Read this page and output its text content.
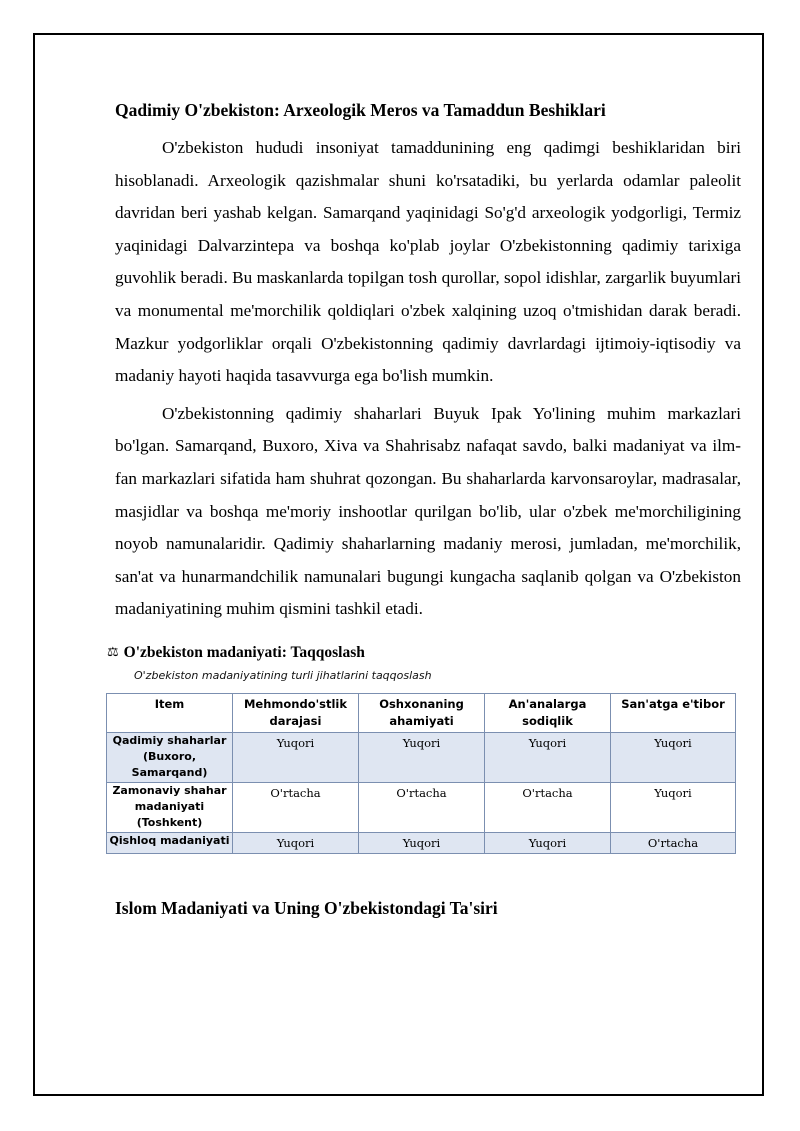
Qadimiy O'zbekiston: Arxeologik Meros va Tamaddun Beshiklari

O'zbekiston hududi insoniyat tamaddunining eng qadimgi beshiklaridan biri hisoblanadi. Arxeologik qazishmalar shuni ko'rsatadiki, bu yerlarda odamlar paleolit davridan beri yashab kelgan. Samarqand yaqinidagi So'g'd arxeologik yodgorligi, Termiz yaqinidagi Dalvarzintepa va boshqa ko'plab joylar O'zbekistonning qadimiy tarixiga guvohlik beradi. Bu maskanlarda topilgan tosh qurollar, sopol idishlar, zargarlik buyumlari va monumental me'morchilik qoldiqlari o'zbek xalqining uzoq o'tmishidan darak beradi. Mazkur yodgorliklar orqali O'zbekistonning qadimiy davrlardagi ijtimoiy-iqtisodiy va madaniy hayoti haqida tasavvurga ega bo'lish mumkin.

O'zbekistonning qadimiy shaharlari Buyuk Ipak Yo'lining muhim markazlari bo'lgan. Samarqand, Buxoro, Xiva va Shahrisabz nafaqat savdo, balki madaniyat va ilm-fan markazlari sifatida ham shuhrat qozongan. Bu shaharlarda karvonsaroylar, madrasalar, masjidlar va boshqa me'moriy inshootlar qurilgan bo'lib, ular o'zbek me'morchiligining noyob namunalaridir. Qadimiy shaharlarning madaniy merosi, jumladan, me'morchilik, san'at va hunarmandchilik namunalari bugungi kungacha saqlanib qolgan va O'zbekiston madaniyatining muhim qismini tashkil etadi.

⚖ O'zbekiston madaniyati: Taqqoslash
O'zbekiston madaniyatining turli jihatlarini taqqoslash
Item	Mehmondo'stlik darajasi	Oshxonaning ahamiyati	An'analarga sodiqlik	San'atga e'tibor
Qadimiy shaharlar (Buxoro, Samarqand)	Yuqori	Yuqori	Yuqori	Yuqori
Zamonaviy shahar madaniyati (Toshkent)	O'rtacha	O'rtacha	O'rtacha	Yuqori
Qishloq madaniyati	Yuqori	Yuqori	Yuqori	O'rtacha
Islom Madaniyati va Uning O'zbekistondagi Ta'siri
